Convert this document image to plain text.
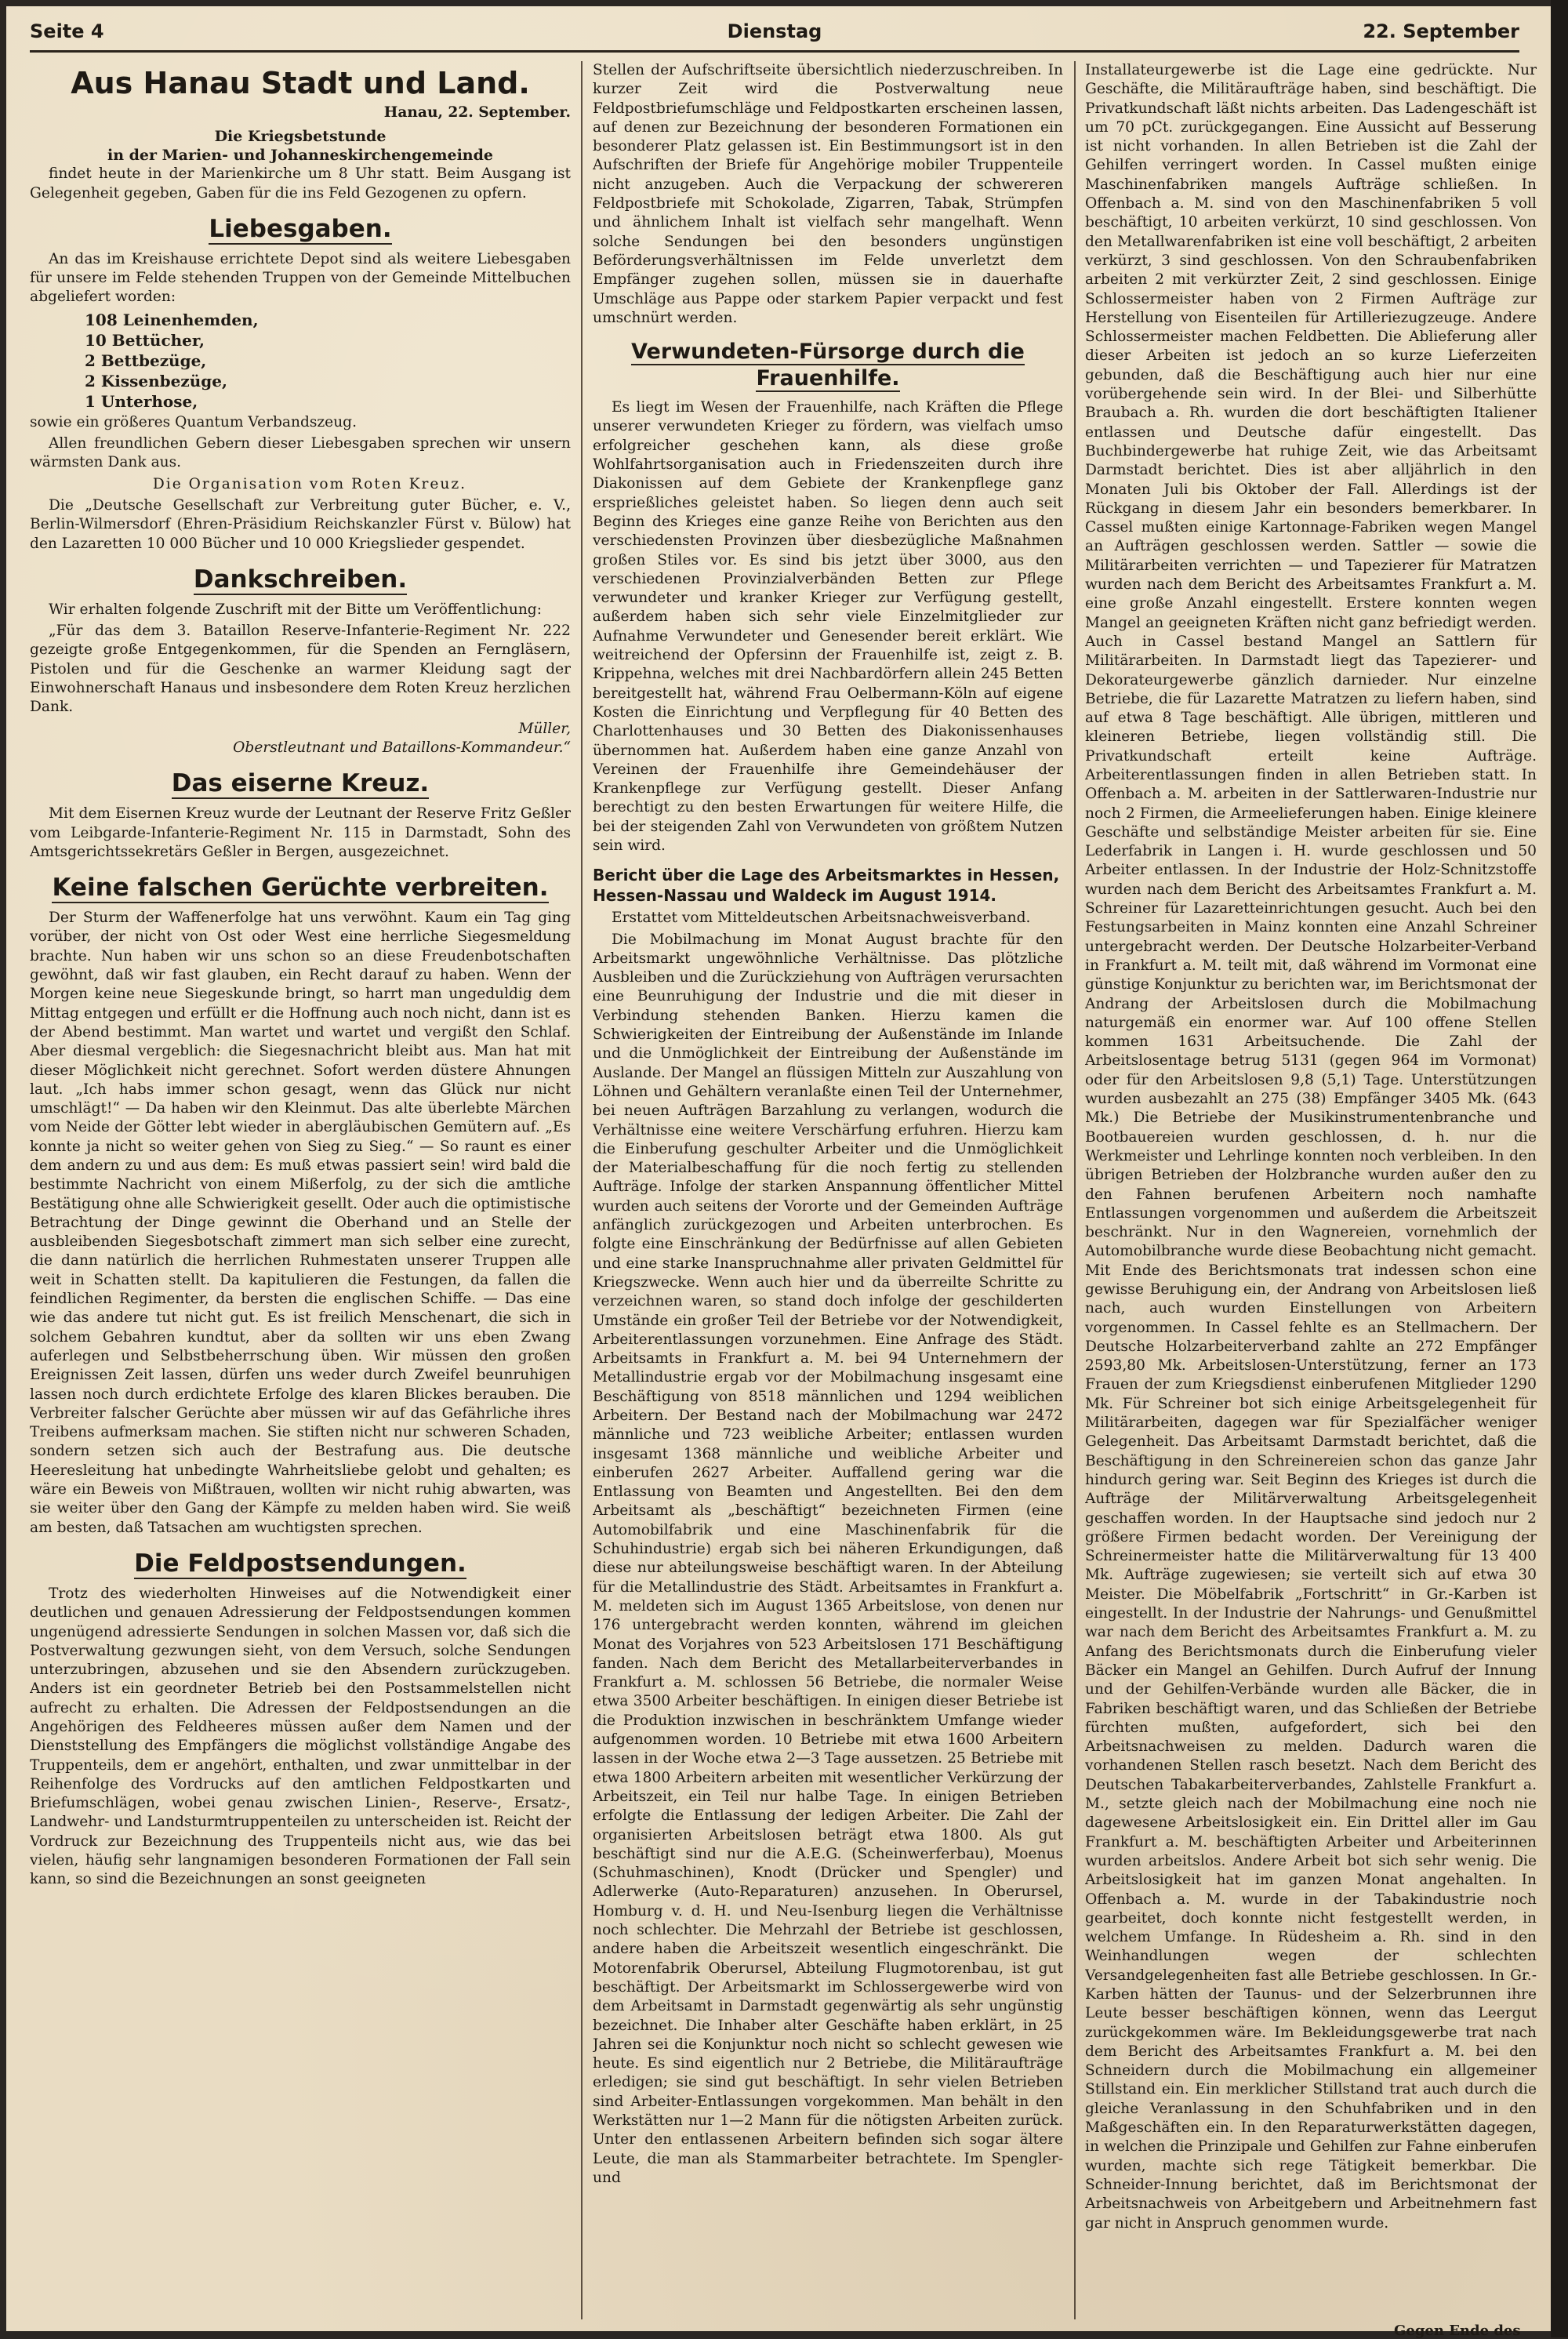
Seite 4	Dienstag	22. September
Aus Hanau Stadt und Land.
Hanau, 22. September.
Die Kriegsbetstunde
in der Marien- und Johanneskirchengemeinde

findet heute in der Marienkirche um 8 Uhr statt. Beim Ausgang ist Gelegenheit gegeben, Gaben für die ins Feld Gezogenen zu opfern.

Liebesgaben.

An das im Kreishause errichtete Depot sind als weitere Liebesgaben für unsere im Felde stehenden Truppen von der Gemeinde Mittelbuchen abgeliefert worden:

108 Leinenhemden,
10 Bettücher,
2 Bettbezüge,
2 Kissenbezüge,
1 Unterhose,

sowie ein größeres Quantum Verbandszeug.

Allen freundlichen Gebern dieser Liebesgaben sprechen wir unsern wärmsten Dank aus.

Die Organisation vom Roten Kreuz.

Die „Deutsche Gesellschaft zur Verbreitung guter Bücher, e. V., Berlin-Wilmersdorf (Ehren-Präsidium Reichskanzler Fürst v. Bülow) hat den Lazaretten 10 000 Bücher und 10 000 Kriegslieder gespendet.

Dankschreiben.

Wir erhalten folgende Zuschrift mit der Bitte um Veröffentlichung:

„Für das dem 3. Bataillon Reserve-Infanterie-Regiment Nr. 222 gezeigte große Entgegenkommen, für die Spenden an Ferngläsern, Pistolen und für die Geschenke an warmer Kleidung sagt der Einwohnerschaft Hanaus und insbesondere dem Roten Kreuz herzlichen Dank.

Müller,
Oberstleutnant und Bataillons-Kommandeur.“
Das eiserne Kreuz.

Mit dem Eisernen Kreuz wurde der Leutnant der Reserve Fritz Geßler vom Leibgarde-Infanterie-Regiment Nr. 115 in Darmstadt, Sohn des Amtsgerichtssekretärs Geßler in Bergen, ausgezeichnet.

Keine falschen Gerüchte verbreiten.

Der Sturm der Waffenerfolge hat uns verwöhnt. Kaum ein Tag ging vorüber, der nicht von Ost oder West eine herrliche Siegesmeldung brachte. Nun haben wir uns schon so an diese Freudenbotschaften gewöhnt, daß wir fast glauben, ein Recht darauf zu haben. Wenn der Morgen keine neue Siegeskunde bringt, so harrt man ungeduldig dem Mittag entgegen und erfüllt er die Hoffnung auch noch nicht, dann ist es der Abend bestimmt. Man wartet und wartet und vergißt den Schlaf. Aber diesmal vergeblich: die Siegesnachricht bleibt aus. Man hat mit dieser Möglichkeit nicht gerechnet. Sofort werden düstere Ahnungen laut. „Ich habs immer schon gesagt, wenn das Glück nur nicht umschlägt!“ — Da haben wir den Kleinmut. Das alte überlebte Märchen vom Neide der Götter lebt wieder in abergläubischen Gemütern auf. „Es konnte ja nicht so weiter gehen von Sieg zu Sieg.“ — So raunt es einer dem andern zu und aus dem: Es muß etwas passiert sein! wird bald die bestimmte Nachricht von einem Mißerfolg, zu der sich die amtliche Bestätigung ohne alle Schwierigkeit gesellt. Oder auch die optimistische Betrachtung der Dinge gewinnt die Oberhand und an Stelle der ausbleibenden Siegesbotschaft zimmert man sich selber eine zurecht, die dann natürlich die herrlichen Ruhmestaten unserer Truppen alle weit in Schatten stellt. Da kapitulieren die Festungen, da fallen die feindlichen Regimenter, da bersten die englischen Schiffe. — Das eine wie das andere tut nicht gut. Es ist freilich Menschenart, die sich in solchem Gebahren kundtut, aber da sollten wir uns eben Zwang auferlegen und Selbstbeherrschung üben. Wir müssen den großen Ereignissen Zeit lassen, dürfen uns weder durch Zweifel beunruhigen lassen noch durch erdichtete Erfolge des klaren Blickes berauben. Die Verbreiter falscher Gerüchte aber müssen wir auf das Gefährliche ihres Treibens aufmerksam machen. Sie stiften nicht nur schweren Schaden, sondern setzen sich auch der Bestrafung aus. Die deutsche Heeresleitung hat unbedingte Wahrheitsliebe gelobt und gehalten; es wäre ein Beweis von Mißtrauen, wollten wir nicht ruhig abwarten, was sie weiter über den Gang der Kämpfe zu melden haben wird. Sie weiß am besten, daß Tatsachen am wuchtigsten sprechen.

Die Feldpostsendungen.

Trotz des wiederholten Hinweises auf die Notwendigkeit einer deutlichen und genauen Adressierung der Feldpostsendungen kommen ungenügend adressierte Sendungen in solchen Massen vor, daß sich die Postverwaltung gezwungen sieht, von dem Versuch, solche Sendungen unterzubringen, abzusehen und sie den Absendern zurückzugeben. Anders ist ein geordneter Betrieb bei den Postsammelstellen nicht aufrecht zu erhalten. Die Adressen der Feldpostsendungen an die Angehörigen des Feldheeres müssen außer dem Namen und der Dienststellung des Empfängers die möglichst vollständige Angabe des Truppenteils, dem er angehört, enthalten, und zwar unmittelbar in der Reihenfolge des Vordrucks auf den amtlichen Feldpostkarten und Briefumschlägen, wobei genau zwischen Linien-, Reserve-, Ersatz-, Landwehr- und Landsturmtruppenteilen zu unterscheiden ist. Reicht der Vordruck zur Bezeichnung des Truppenteils nicht aus, wie das bei vielen, häufig sehr langnamigen besonderen Formationen der Fall sein kann, so sind die Bezeichnungen an sonst geeigneten

Stellen der Aufschriftseite übersichtlich niederzuschreiben. In kurzer Zeit wird die Postverwaltung neue Feldpostbriefumschläge und Feldpostkarten erscheinen lassen, auf denen zur Bezeichnung der besonderen Formationen ein besonderer Platz gelassen ist. Ein Bestimmungsort ist in den Aufschriften der Briefe für Angehörige mobiler Truppenteile nicht anzugeben. Auch die Verpackung der schwereren Feldpostbriefe mit Schokolade, Zigarren, Tabak, Strümpfen und ähnlichem Inhalt ist vielfach sehr mangelhaft. Wenn solche Sendungen bei den besonders ungünstigen Beförderungsverhältnissen im Felde unverletzt dem Empfänger zugehen sollen, müssen sie in dauerhafte Umschläge aus Pappe oder starkem Papier verpackt und fest umschnürt werden.

Verwundeten-Fürsorge durch die Frauenhilfe.

Es liegt im Wesen der Frauenhilfe, nach Kräften die Pflege unserer verwundeten Krieger zu fördern, was vielfach umso erfolgreicher geschehen kann, als diese große Wohlfahrtsorganisation auch in Friedenszeiten durch ihre Diakonissen auf dem Gebiete der Krankenpflege ganz ersprießliches geleistet haben. So liegen denn auch seit Beginn des Krieges eine ganze Reihe von Berichten aus den verschiedensten Provinzen über diesbezügliche Maßnahmen großen Stiles vor. Es sind bis jetzt über 3000, aus den verschiedenen Provinzialverbänden Betten zur Pflege verwundeter und kranker Krieger zur Verfügung gestellt, außerdem haben sich sehr viele Einzelmitglieder zur Aufnahme Verwundeter und Genesender bereit erklärt. Wie weitreichend der Opfersinn der Frauenhilfe ist, zeigt z. B. Krippehna, welches mit drei Nachbardörfern allein 245 Betten bereitgestellt hat, während Frau Oelbermann-Köln auf eigene Kosten die Einrichtung und Verpflegung für 40 Betten des Charlottenhauses und 30 Betten des Diakonissenhauses übernommen hat. Außerdem haben eine ganze Anzahl von Vereinen der Frauenhilfe ihre Gemeindehäuser der Krankenpflege zur Verfügung gestellt. Dieser Anfang berechtigt zu den besten Erwartungen für weitere Hilfe, die bei der steigenden Zahl von Verwundeten von größtem Nutzen sein wird.

Bericht über die Lage des Arbeitsmarktes in Hessen, Hessen-Nassau und Waldeck im August 1914.

Erstattet vom Mitteldeutschen Arbeitsnachweisverband.

Die Mobilmachung im Monat August brachte für den Arbeitsmarkt ungewöhnliche Verhältnisse. Das plötzliche Ausbleiben und die Zurückziehung von Aufträgen verursachten eine Beunruhigung der Industrie und die mit dieser in Verbindung stehenden Banken. Hierzu kamen die Schwierigkeiten der Eintreibung der Außenstände im Inlande und die Unmöglichkeit der Eintreibung der Außenstände im Auslande. Der Mangel an flüssigen Mitteln zur Auszahlung von Löhnen und Gehältern veranlaßte einen Teil der Unternehmer, bei neuen Aufträgen Barzahlung zu verlangen, wodurch die Verhältnisse eine weitere Verschärfung erfuhren. Hierzu kam die Einberufung geschulter Arbeiter und die Unmöglichkeit der Materialbeschaffung für die noch fertig zu stellenden Aufträge. Infolge der starken Anspannung öffentlicher Mittel wurden auch seitens der Vororte und der Gemeinden Aufträge anfänglich zurückgezogen und Arbeiten unterbrochen. Es folgte eine Einschränkung der Bedürfnisse auf allen Gebieten und eine starke Inanspruchnahme aller privaten Geldmittel für Kriegszwecke. Wenn auch hier und da überreilte Schritte zu verzeichnen waren, so stand doch infolge der geschilderten Umstände ein großer Teil der Betriebe vor der Notwendigkeit, Arbeiterentlassungen vorzunehmen. Eine Anfrage des Städt. Arbeitsamts in Frankfurt a. M. bei 94 Unternehmern der Metallindustrie ergab vor der Mobilmachung insgesamt eine Beschäftigung von 8518 männlichen und 1294 weiblichen Arbeitern. Der Bestand nach der Mobilmachung war 2472 männliche und 723 weibliche Arbeiter; entlassen wurden insgesamt 1368 männliche und weibliche Arbeiter und einberufen 2627 Arbeiter. Auffallend gering war die Entlassung von Beamten und Angestellten. Bei den dem Arbeitsamt als „beschäftigt“ bezeichneten Firmen (eine Automobilfabrik und eine Maschinenfabrik für die Schuhindustrie) ergab sich bei näheren Erkundigungen, daß diese nur abteilungsweise beschäftigt waren. In der Abteilung für die Metallindustrie des Städt. Arbeitsamtes in Frankfurt a. M. meldeten sich im August 1365 Arbeitslose, von denen nur 176 untergebracht werden konnten, während im gleichen Monat des Vorjahres von 523 Arbeitslosen 171 Beschäftigung fanden. Nach dem Bericht des Metallarbeiterverbandes in Frankfurt a. M. schlossen 56 Betriebe, die normaler Weise etwa 3500 Arbeiter beschäftigen. In einigen dieser Betriebe ist die Produktion inzwischen in beschränktem Umfange wieder aufgenommen worden. 10 Betriebe mit etwa 1600 Arbeitern lassen in der Woche etwa 2—3 Tage aussetzen. 25 Betriebe mit etwa 1800 Arbeitern arbeiten mit wesentlicher Verkürzung der Arbeitszeit, ein Teil nur halbe Tage. In einigen Betrieben erfolgte die Entlassung der ledigen Arbeiter. Die Zahl der organisierten Arbeitslosen beträgt etwa 1800. Als gut beschäftigt sind nur die A.E.G. (Scheinwerferbau), Moenus (Schuhmaschinen), Knodt (Drücker und Spengler) und Adlerwerke (Auto-Reparaturen) anzusehen. In Oberursel, Homburg v. d. H. und Neu-Isenburg liegen die Verhältnisse noch schlechter. Die Mehrzahl der Betriebe ist geschlossen, andere haben die Arbeitszeit wesentlich eingeschränkt. Die Motorenfabrik Oberursel, Abteilung Flugmotorenbau, ist gut beschäftigt. Der Arbeitsmarkt im Schlossergewerbe wird von dem Arbeitsamt in Darmstadt gegenwärtig als sehr ungünstig bezeichnet. Die Inhaber alter Geschäfte haben erklärt, in 25 Jahren sei die Konjunktur noch nicht so schlecht gewesen wie heute. Es sind eigentlich nur 2 Betriebe, die Militäraufträge erledigen; sie sind gut beschäftigt. In sehr vielen Betrieben sind Arbeiter-Entlassungen vorgekommen. Man behält in den Werkstätten nur 1—2 Mann für die nötigsten Arbeiten zurück. Unter den entlassenen Arbeitern befinden sich sogar ältere Leute, die man als Stammarbeiter betrachtete. Im Spengler- und

Installateurgewerbe ist die Lage eine gedrückte. Nur Geschäfte, die Militäraufträge haben, sind beschäftigt. Die Privatkundschaft läßt nichts arbeiten. Das Ladengeschäft ist um 70 pCt. zurückgegangen. Eine Aussicht auf Besserung ist nicht vorhanden. In allen Betrieben ist die Zahl der Gehilfen verringert worden. In Cassel mußten einige Maschinenfabriken mangels Aufträge schließen. In Offenbach a. M. sind von den Maschinenfabriken 5 voll beschäftigt, 10 arbeiten verkürzt, 10 sind geschlossen. Von den Metallwarenfabriken ist eine voll beschäftigt, 2 arbeiten verkürzt, 3 sind geschlossen. Von den Schraubenfabriken arbeiten 2 mit verkürzter Zeit, 2 sind geschlossen. Einige Schlossermeister haben von 2 Firmen Aufträge zur Herstellung von Eisenteilen für Artilleriezugzeuge. Andere Schlossermeister machen Feldbetten. Die Ablieferung aller dieser Arbeiten ist jedoch an so kurze Lieferzeiten gebunden, daß die Beschäftigung auch hier nur eine vorübergehende sein wird. In der Blei- und Silberhütte Braubach a. Rh. wurden die dort beschäftigten Italiener entlassen und Deutsche dafür eingestellt. Das Buchbindergewerbe hat ruhige Zeit, wie das Arbeitsamt Darmstadt berichtet. Dies ist aber alljährlich in den Monaten Juli bis Oktober der Fall. Allerdings ist der Rückgang in diesem Jahr ein besonders bemerkbarer. In Cassel mußten einige Kartonnage-Fabriken wegen Mangel an Aufträgen geschlossen werden. Sattler — sowie die Militärarbeiten verrichten — und Tapezierer für Matratzen wurden nach dem Bericht des Arbeitsamtes Frankfurt a. M. eine große Anzahl eingestellt. Erstere konnten wegen Mangel an geeigneten Kräften nicht ganz befriedigt werden. Auch in Cassel bestand Mangel an Sattlern für Militärarbeiten. In Darmstadt liegt das Tapezierer- und Dekorateurgewerbe gänzlich darnieder. Nur einzelne Betriebe, die für Lazarette Matratzen zu liefern haben, sind auf etwa 8 Tage beschäftigt. Alle übrigen, mittleren und kleineren Betriebe, liegen vollständig still. Die Privatkundschaft erteilt keine Aufträge. Arbeiterentlassungen finden in allen Betrieben statt. In Offenbach a. M. arbeiten in der Sattlerwaren-Industrie nur noch 2 Firmen, die Armeelieferungen haben. Einige kleinere Geschäfte und selbständige Meister arbeiten für sie. Eine Lederfabrik in Langen i. H. wurde geschlossen und 50 Arbeiter entlassen. In der Industrie der Holz-Schnitzstoffe wurden nach dem Bericht des Arbeitsamtes Frankfurt a. M. Schreiner für Lazaretteinrichtungen gesucht. Auch bei den Festungsarbeiten in Mainz konnten eine Anzahl Schreiner untergebracht werden. Der Deutsche Holzarbeiter-Verband in Frankfurt a. M. teilt mit, daß während im Vormonat eine günstige Konjunktur zu berichten war, im Berichtsmonat der Andrang der Arbeitslosen durch die Mobilmachung naturgemäß ein enormer war. Auf 100 offene Stellen kommen 1631 Arbeitsuchende. Die Zahl der Arbeitslosentage betrug 5131 (gegen 964 im Vormonat) oder für den Arbeitslosen 9,8 (5,1) Tage. Unterstützungen wurden ausbezahlt an 275 (38) Empfänger 3405 Mk. (643 Mk.) Die Betriebe der Musikinstrumentenbranche und Bootbauereien wurden geschlossen, d. h. nur die Werkmeister und Lehrlinge konnten noch verbleiben. In den übrigen Betrieben der Holzbranche wurden außer den zu den Fahnen berufenen Arbeitern noch namhafte Entlassungen vorgenommen und außerdem die Arbeitszeit beschränkt. Nur in den Wagnereien, vornehmlich der Automobilbranche wurde diese Beobachtung nicht gemacht. Mit Ende des Berichtsmonats trat indessen schon eine gewisse Beruhigung ein, der Andrang von Arbeitslosen ließ nach, auch wurden Einstellungen von Arbeitern vorgenommen. In Cassel fehlte es an Stellmachern. Der Deutsche Holzarbeiterverband zahlte an 272 Empfänger 2593,80 Mk. Arbeitslosen-Unterstützung, ferner an 173 Frauen der zum Kriegsdienst einberufenen Mitglieder 1290 Mk. Für Schreiner bot sich einige Arbeitsgelegenheit für Militärarbeiten, dagegen war für Spezialfächer weniger Gelegenheit. Das Arbeitsamt Darmstadt berichtet, daß die Beschäftigung in den Schreinereien schon das ganze Jahr hindurch gering war. Seit Beginn des Krieges ist durch die Aufträge der Militärverwaltung Arbeitsgelegenheit geschaffen worden. In der Hauptsache sind jedoch nur 2 größere Firmen bedacht worden. Der Vereinigung der Schreinermeister hatte die Militärverwaltung für 13 400 Mk. Aufträge zugewiesen; sie verteilt sich auf etwa 30 Meister. Die Möbelfabrik „Fortschritt“ in Gr.-Karben ist eingestellt. In der Industrie der Nahrungs- und Genußmittel war nach dem Bericht des Arbeitsamtes Frankfurt a. M. zu Anfang des Berichtsmonats durch die Einberufung vieler Bäcker ein Mangel an Gehilfen. Durch Aufruf der Innung und der Gehilfen-Verbände wurden alle Bäcker, die in Fabriken beschäftigt waren, und das Schließen der Betriebe fürchten mußten, aufgefordert, sich bei den Arbeitsnachweisen zu melden. Dadurch waren die vorhandenen Stellen rasch besetzt. Nach dem Bericht des Deutschen Tabakarbeiterverbandes, Zahlstelle Frankfurt a. M., setzte gleich nach der Mobilmachung eine noch nie dagewesene Arbeitslosigkeit ein. Ein Drittel aller im Gau Frankfurt a. M. beschäftigten Arbeiter und Arbeiterinnen wurden arbeitslos. Andere Arbeit bot sich sehr wenig. Die Arbeitslosigkeit hat im ganzen Monat angehalten. In Offenbach a. M. wurde in der Tabakindustrie noch gearbeitet, doch konnte nicht festgestellt werden, in welchem Umfange. In Rüdesheim a. Rh. sind in den Weinhandlungen wegen der schlechten Versandgelegenheiten fast alle Betriebe geschlossen. In Gr.-Karben hätten der Taunus- und der Selzerbrunnen ihre Leute besser beschäftigen können, wenn das Leergut zurückgekommen wäre. Im Bekleidungsgewerbe trat nach dem Bericht des Arbeitsamtes Frankfurt a. M. bei den Schneidern durch die Mobilmachung ein allgemeiner Stillstand ein. Ein merklicher Stillstand trat auch durch die gleiche Veranlassung in den Schuhfabriken und in den Maßgeschäften ein. In den Reparaturwerkstätten dagegen, in welchen die Prinzipale und Gehilfen zur Fahne einberufen wurden, machte sich rege Tätigkeit bemerkbar. Die Schneider-Innung berichtet, daß im Berichtsmonat der Arbeitsnachweis von Arbeitgebern und Arbeitnehmern fast gar nicht in Anspruch genommen wurde.

Gegen Ende des
